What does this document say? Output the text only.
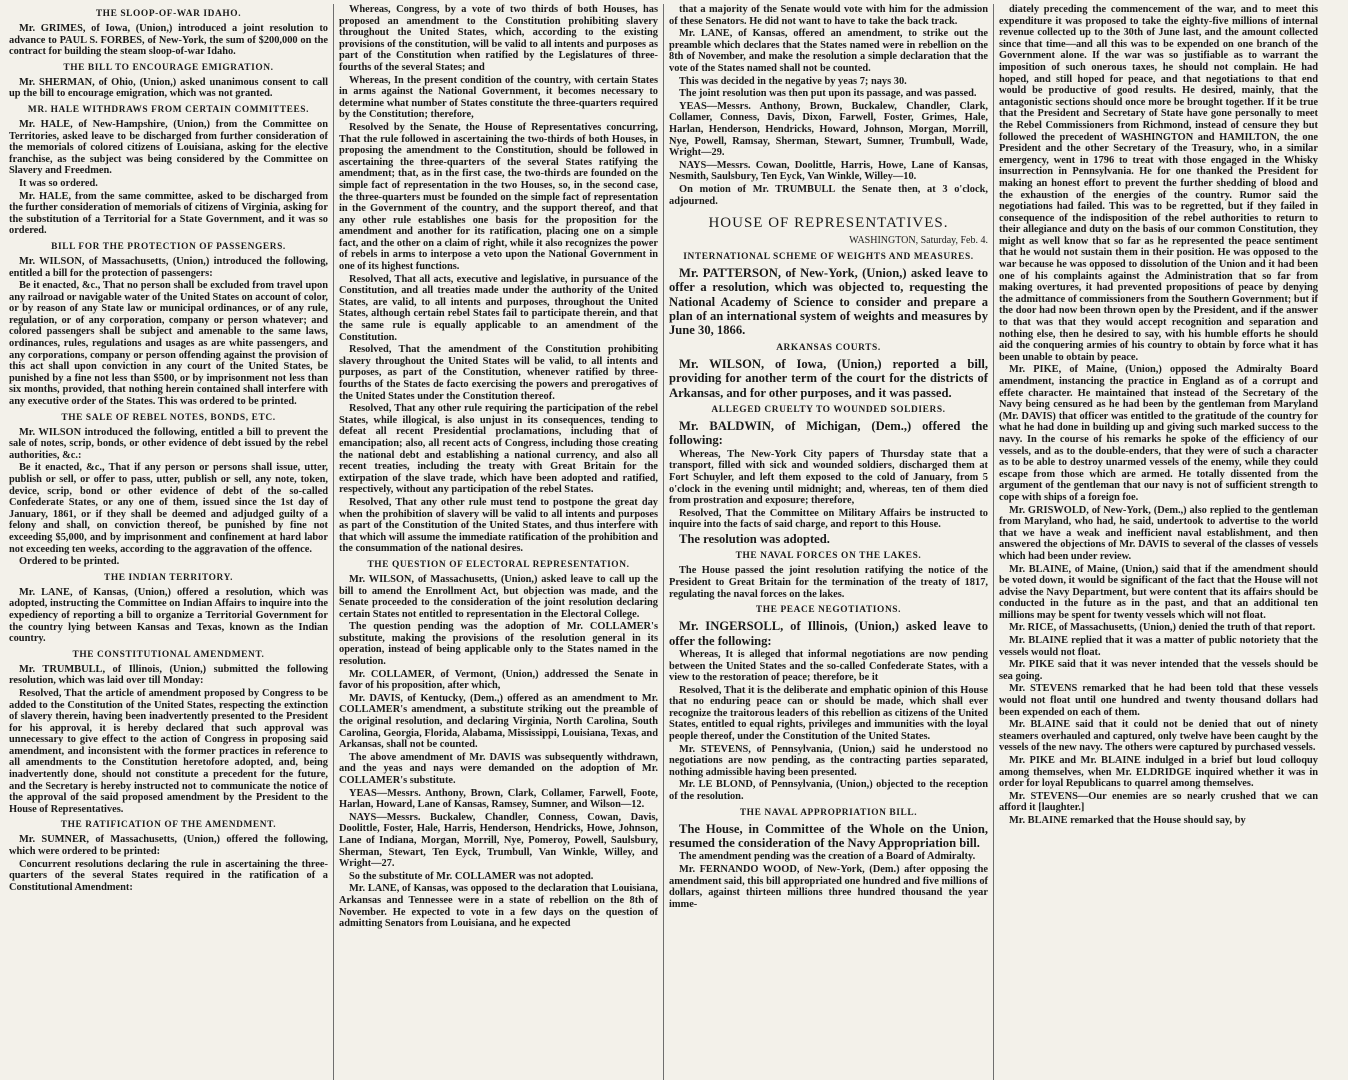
THE SLOOP-OF-WAR IDAHO.
Mr. GRIMES, of Iowa, (Union,) introduced a joint resolution to advance to PAUL S. FORBES, of New-York, the sum of $200,000 on the contract for building the steam sloop-of-war Idaho.
THE BILL TO ENCOURAGE EMIGRATION.
Mr. SHERMAN, of Ohio, (Union,) asked unanimous consent to call up the bill to encourage emigration, which was not granted.
MR. HALE WITHDRAWS FROM CERTAIN COMMITTEES.
Mr. HALE, of New-Hampshire, (Union,) from the Committee on Territories, asked leave to be discharged from further consideration of the memorials of colored citizens of Louisiana, asking for the elective franchise, as the subject was being considered by the Committee on Slavery and Freedmen.
It was so ordered.
Mr. HALE, from the same committee, asked to be discharged from the further consideration of memorials of citizens of Virginia, asking for the substitution of a Territorial for a State Government, and it was so ordered.
BILL FOR THE PROTECTION OF PASSENGERS.
Mr. WILSON, of Massachusetts, (Union,) introduced the following, entitled a bill for the protection of passengers:
Be it enacted, &c., That no person shall be excluded from travel upon any railroad or navigable water of the United States on account of color, or by reason of any State law or municipal ordinances, or of any rule, regulation, or of any corporation, company or person whatever; and colored passengers shall be subject and amenable to the same laws, ordinances, rules, regulations and usages as are white passengers, and any corporations, company or person offending against the provision of this act shall upon conviction in any court of the United States, be punished by a fine not less than $500, or by imprisonment not less than six months, provided, that nothing herein contained shall interfere with any executive order of the States. This was ordered to be printed.
THE SALE OF REBEL NOTES, BONDS, ETC.
Mr. WILSON introduced the following, entitled a bill to prevent the sale of notes, scrip, bonds, or other evidence of debt issued by the rebel authorities, &c.:
Be it enacted, &c., That if any person or persons shall issue, utter, publish or sell, or offer to pass, utter, publish or sell, any note, token, device, scrip, bond or other evidence of debt of the so-called Confederate States, or any one of them, issued since the 1st day of January, 1861, or if they shall be deemed and adjudged guilty of a felony and shall, on conviction thereof, be punished by fine not exceeding $5,000, and by imprisonment and confinement at hard labor not exceeding ten weeks, according to the aggravation of the offence.
Ordered to be printed.
THE INDIAN TERRITORY.
Mr. LANE, of Kansas, (Union,) offered a resolution, which was adopted, instructing the Committee on Indian Affairs to inquire into the expediency of reporting a bill to organize a Territorial Government for the country lying between Kansas and Texas, known as the Indian country.
THE CONSTITUTIONAL AMENDMENT.
Mr. TRUMBULL, of Illinois, (Union,) submitted the following resolution, which was laid over till Monday:
Resolved, That the article of amendment proposed by Congress to be added to the Constitution of the United States, respecting the extinction of slavery therein, having been inadvertently presented to the President for his approval, it is hereby declared that such approval was unnecessary to give effect to the action of Congress in proposing said amendment, and inconsistent with the former practices in reference to all amendments to the Constitution heretofore adopted, and, being inadvertently done, should not constitute a precedent for the future, and the Secretary is hereby instructed not to communicate the notice of the approval of the said proposed amendment by the President to the House of Representatives.
THE RATIFICATION OF THE AMENDMENT.
Mr. SUMNER, of Massachusetts, (Union,) offered the following, which were ordered to be printed:
Concurrent resolutions declaring the rule in ascertaining the three-quarters of the several States required in the ratification of a Constitutional Amendment:
Whereas, Congress, by a vote of two thirds of both Houses, has proposed an amendment to the Constitution prohibiting slavery throughout the United States, which, according to the existing provisions of the constitution, will be valid to all intents and purposes as part of the Constitution when ratified by the Legislatures of three-fourths of the several States; and
Whereas, In the present condition of the country, with certain States in arms against the National Government, it becomes necessary to determine what number of States constitute the three-quarters required by the Constitution; therefore,
Resolved by the Senate, the House of Representatives concurring, That the rule followed in ascertaining the two-thirds of both Houses, in proposing the amendment to the Constitution, should be followed in ascertaining the three-quarters of the several States ratifying the amendment; that, as in the first case, the two-thirds are founded on the simple fact of representation in the two Houses, so, in the second case, the three-quarters must be founded on the simple fact of representation in the Government of the country, and the support thereof, and that any other rule establishes one basis for the proposition for the amendment and another for its ratification, placing one on a simple fact, and the other on a claim of right, while it also recognizes the power of rebels in arms to interpose a veto upon the National Government in one of its highest functions.
Resolved, That all acts, executive and legislative, in pursuance of the Constitution, and all treaties made under the authority of the United States, are valid, to all intents and purposes, throughout the United States, although certain rebel States fail to participate therein, and that the same rule is equally applicable to an amendment of the Constitution.
Resolved, That the amendment of the Constitution prohibiting slavery throughout the United States will be valid, to all intents and purposes, as part of the Constitution, whenever ratified by three-fourths of the States de facto exercising the powers and prerogatives of the United States under the Constitution thereof.
Resolved, That any other rule requiring the participation of the rebel States, while illogical, is also unjust in its consequences, tending to defeat all recent Presidential proclamations, including that of emancipation; also, all recent acts of Congress, including those creating the national debt and establishing a national currency, and also all recent treaties, including the treaty with Great Britain for the extirpation of the slave trade, which have been adopted and ratified, respectively, without any participation of the rebel States.
Resolved, That any other rule must tend to postpone the great day when the prohibition of slavery will be valid to all intents and purposes as part of the Constitution of the United States, and thus interfere with that which will assume the immediate ratification of the prohibition and the consummation of the national desires.
THE QUESTION OF ELECTORAL REPRESENTATION.
Mr. WILSON, of Massachusetts, (Union,) asked leave to call up the bill to amend the Enrollment Act, but objection was made, and the Senate proceeded to the consideration of the joint resolution declaring certain States not entitled to representation in the Electoral College.
The question pending was the adoption of Mr. COLLAMER's substitute, making the provisions of the resolution general in its operation, instead of being applicable only to the States named in the resolution.
Mr. COLLAMER, of Vermont, (Union,) addressed the Senate in favor of his proposition, after which,
Mr. DAVIS, of Kentucky, (Dem.,) offered as an amendment to Mr. COLLAMER's amendment, a substitute striking out the preamble of the original resolution, and declaring Virginia, North Carolina, South Carolina, Georgia, Florida, Alabama, Mississippi, Louisiana, Texas, and Arkansas, shall not be counted.
The above amendment of Mr. DAVIS was subsequently withdrawn, and the yeas and nays were demanded on the adoption of Mr. COLLAMER's substitute.
YEAS—Messrs. Anthony, Brown, Clark, Collamer, Farwell, Foote, Harlan, Howard, Lane of Kansas, Ramsey, Sumner, and Wilson—12.
NAYS—Messrs. Buckalew, Chandler, Conness, Cowan, Davis, Doolittle, Foster, Hale, Harris, Henderson, Hendricks, Howe, Johnson, Lane of Indiana, Morgan, Morrill, Nye, Pomeroy, Powell, Saulsbury, Sherman, Stewart, Ten Eyck, Trumbull, Van Winkle, Willey, and Wright—27.
So the substitute of Mr. COLLAMER was not adopted.
Mr. LANE, of Kansas, was opposed to the declaration that Louisiana, Arkansas and Tennessee were in a state of rebellion on the 8th of November. He expected to vote in a few days on the question of admitting Senators from Louisiana, and he expected
that a majority of the Senate would vote with him for the admission of these Senators. He did not want to have to take the back track.
Mr. LANE, of Kansas, offered an amendment, to strike out the preamble which declares that the States named were in rebellion on the 8th of November, and make the resolution a simple declaration that the vote of the States named shall not be counted.
This was decided in the negative by yeas 7; nays 30.
The joint resolution was then put upon its passage, and was passed.
YEAS—Messrs. Anthony, Brown, Buckalew, Chandler, Clark, Collamer, Conness, Davis, Dixon, Farwell, Foster, Grimes, Hale, Harlan, Henderson, Hendricks, Howard, Johnson, Morgan, Morrill, Nye, Powell, Ramsay, Sherman, Stewart, Sumner, Trumbull, Wade, Wright—29.
NAYS—Messrs. Cowan, Doolittle, Harris, Howe, Lane of Kansas, Nesmith, Saulsbury, Ten Eyck, Van Winkle, Willey—10.
On motion of Mr. TRUMBULL the Senate then, at 3 o'clock, adjourned.
HOUSE OF REPRESENTATIVES.
WASHINGTON, Saturday, Feb. 4.
INTERNATIONAL SCHEME OF WEIGHTS AND MEASURES.
Mr. PATTERSON, of New-York, (Union,) asked leave to offer a resolution, which was objected to, requesting the National Academy of Science to consider and prepare a plan of an international system of weights and measures by June 30, 1866.
ARKANSAS COURTS.
Mr. WILSON, of Iowa, (Union,) reported a bill, providing for another term of the court for the districts of Arkansas, and for other purposes, and it was passed.
ALLEGED CRUELTY TO WOUNDED SOLDIERS.
Mr. BALDWIN, of Michigan, (Dem.,) offered the following:
Whereas, The New-York City papers of Thursday state that a transport, filled with sick and wounded soldiers, discharged them at Fort Schuyler, and left them exposed to the cold of January, from 5 o'clock in the evening until midnight; and, whereas, ten of them died from prostration and exposure; therefore,
Resolved, That the Committee on Military Affairs be instructed to inquire into the facts of said charge, and report to this House.
The resolution was adopted.
THE NAVAL FORCES ON THE LAKES.
The House passed the joint resolution ratifying the notice of the President to Great Britain for the termination of the treaty of 1817, regulating the naval forces on the lakes.
THE PEACE NEGOTIATIONS.
Mr. INGERSOLL, of Illinois, (Union,) asked leave to offer the following:
Whereas, It is alleged that informal negotiations are now pending between the United States and the so-called Confederate States, with a view to the restoration of peace; therefore, be it
Resolved, That it is the deliberate and emphatic opinion of this House that no enduring peace can or should be made, which shall ever recognize the traitorous leaders of this rebellion as citizens of the United States, entitled to equal rights, privileges and immunities with the loyal people thereof, under the Constitution of the United States.
Mr. STEVENS, of Pennsylvania, (Union,) said he understood no negotiations are now pending, as the contracting parties separated, nothing admissible having been presented.
Mr. LE BLOND, of Pennsylvania, (Union,) objected to the reception of the resolution.
THE NAVAL APPROPRIATION BILL.
The House, in Committee of the Whole on the Union, resumed the consideration of the Navy Appropriation bill.
The amendment pending was the creation of a Board of Admiralty.
Mr. FERNANDO WOOD, of New-York, (Dem.) after opposing the amendment said, this bill appropriated one hundred and five millions of dollars, against thirteen millions three hundred thousand the year imme-
diately preceding the commencement of the war, and to meet this expenditure it was proposed to take the eighty-five millions of internal revenue collected up to the 30th of June last, and the amount collected since that time—and all this was to be expended on one branch of the Government alone. If the war was so justifiable as to warrant the imposition of such onerous taxes, he should not complain. He had hoped, and still hoped for peace, and that negotiations to that end would be productive of good results. He desired, mainly, that the antagonistic sections should once more be brought together. If it be true that the President and Secretary of State have gone personally to meet the Rebel Commissioners from Richmond, instead of censure they but followed the precedent of WASHINGTON and HAMILTON, the one President and the other Secretary of the Treasury, who, in a similar emergency, went in 1796 to treat with those engaged in the Whisky insurrection in Pennsylvania. He for one thanked the President for making an honest effort to prevent the further shedding of blood and the exhaustion of the energies of the country. Rumor said the negotiations had failed. This was to be regretted, but if they failed in consequence of the indisposition of the rebel authorities to return to their allegiance and duty on the basis of our common Constitution, they might as well know that so far as he represented the peace sentiment that he would not sustain them in their position. He was opposed to the war because he was opposed to dissolution of the Union and it had been one of his complaints against the Administration that so far from making overtures, it had prevented propositions of peace by denying the admittance of commissioners from the Southern Government; but if the door had now been thrown open by the President, and if the answer to that was that they would accept recognition and separation and nothing else, then he desired to say, with his humble efforts he should aid the conquering armies of his country to obtain by force what it has been unable to obtain by peace.
Mr. PIKE, of Maine, (Union,) opposed the Admiralty Board amendment, instancing the practice in England as of a corrupt and effete character. He maintained that instead of the Secretary of the Navy being censured as he had been by the gentleman from Maryland (Mr. DAVIS) that officer was entitled to the gratitude of the country for what he had done in building up and giving such marked success to the navy. In the course of his remarks he spoke of the efficiency of our vessels, and as to the double-enders, that they were of such a character as to be able to destroy unarmed vessels of the enemy, while they could escape from those which are armed. He totally dissented from the argument of the gentleman that our navy is not of sufficient strength to cope with ships of a foreign foe.
Mr. GRISWOLD, of New-York, (Dem.,) also replied to the gentleman from Maryland, who had, he said, undertook to advertise to the world that we have a weak and inefficient naval establishment, and then answered the objections of Mr. DAVIS to several of the classes of vessels which had been under review.
Mr. BLAINE, of Maine, (Union,) said that if the amendment should be voted down, it would be significant of the fact that the House will not advise the Navy Department, but were content that its affairs should be conducted in the future as in the past, and that an additional ten millions may be spent for twenty vessels which will not float.
Mr. RICE, of Massachusetts, (Union,) denied the truth of that report.
Mr. BLAINE replied that it was a matter of public notoriety that the vessels would not float.
Mr. PIKE said that it was never intended that the vessels should be sea going.
Mr. STEVENS remarked that he had been told that these vessels would not float until one hundred and twenty thousand dollars had been expended on each of them.
Mr. BLAINE said that it could not be denied that out of ninety steamers overhauled and captured, only twelve have been caught by the vessels of the new navy. The others were captured by purchased vessels.
Mr. PIKE and Mr. BLAINE indulged in a brief but loud colloquy among themselves, when Mr. ELDRIDGE inquired whether it was in order for loyal Republicans to quarrel among themselves.
Mr. STEVENS—Our enemies are so nearly crushed that we can afford it [laughter.]
Mr. BLAINE remarked that the House should say, by
